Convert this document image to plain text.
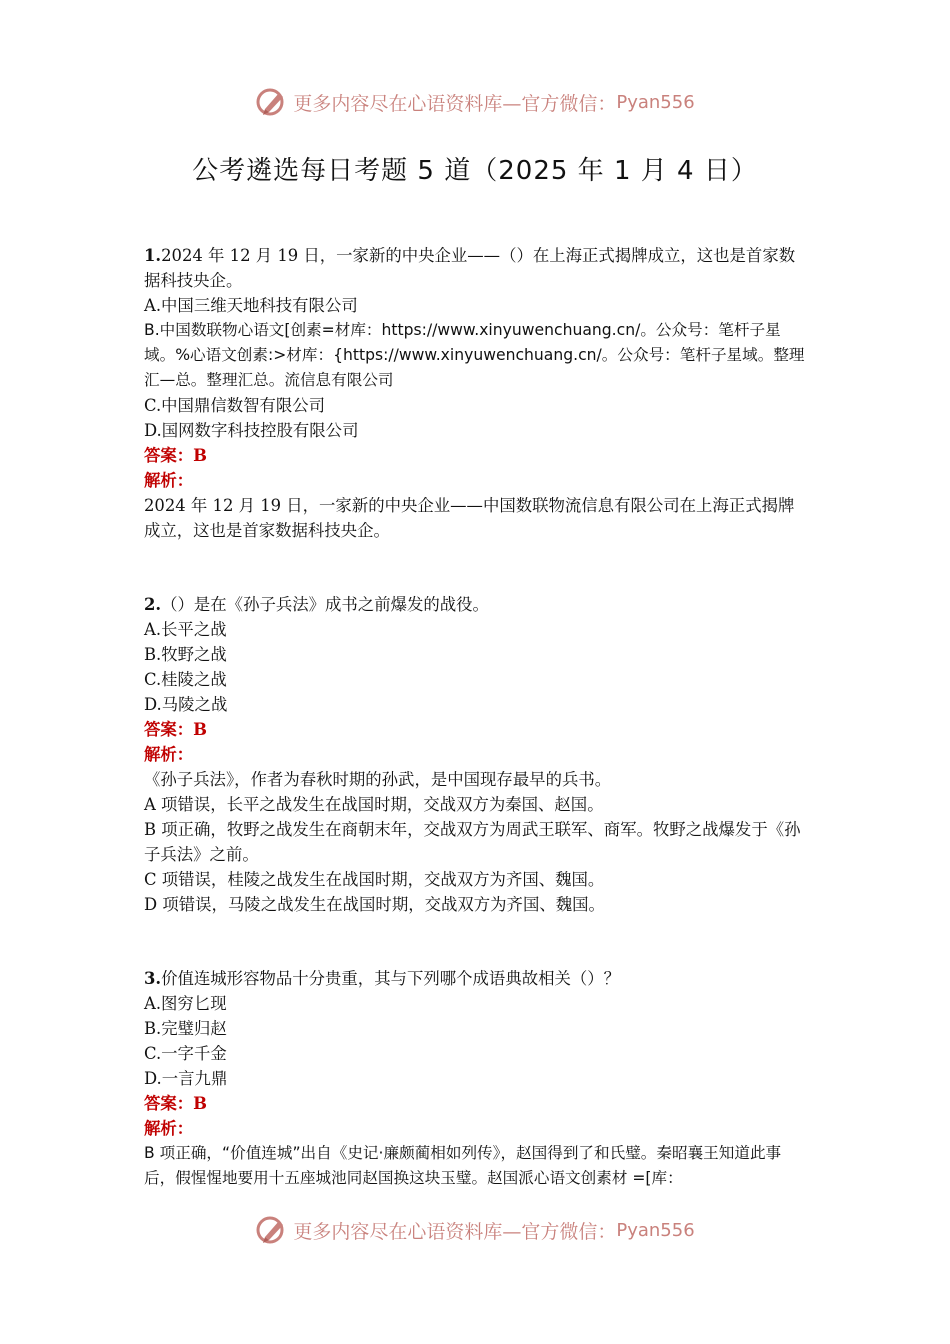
更多内容尽在心语资料库—官方微信： Pyan556
公考遴选每日考题 5 道（2025 年 1 月 4 日）
1.2024 年 12 月 19 日，一家新的中央企业——（）在上海正式揭牌成立，这也是首家数据科技央企。
A.中国三维天地科技有限公司
B.中国数联物心语文[创素=材库：https://www.xinyuwenchuang.cn/。公众号：笔杆子星域。%心语文创素:>材库：{https://www.xinyuwenchuang.cn/。公众号：笔杆子星域。整理汇—总。整理汇总。流信息有限公司
C.中国鼎信数智有限公司
D.国网数字科技控股有限公司
答案：B
解析：
2024 年 12 月 19 日，一家新的中央企业——中国数联物流信息有限公司在上海正式揭牌成立，这也是首家数据科技央企。
2.（）是在《孙子兵法》成书之前爆发的战役。
A.长平之战
B.牧野之战
C.桂陵之战
D.马陵之战
答案：B
解析：
《孙子兵法》，作者为春秋时期的孙武，是中国现存最早的兵书。
A 项错误，长平之战发生在战国时期，交战双方为秦国、赵国。
B 项正确，牧野之战发生在商朝末年，交战双方为周武王联军、商军。牧野之战爆发于《孙子兵法》之前。
C 项错误，桂陵之战发生在战国时期，交战双方为齐国、魏国。
D 项错误，马陵之战发生在战国时期，交战双方为齐国、魏国。
3.价值连城形容物品十分贵重，其与下列哪个成语典故相关（）？
A.图穷匕现
B.完璧归赵
C.一字千金
D.一言九鼎
答案：B
解析：
B 项正确，“价值连城”出自《史记·廉颇蔺相如列传》，赵国得到了和氏璧。秦昭襄王知道此事后，假惺惺地要用十五座城池同赵国换这块玉璧。赵国派心语文创素材 =[库：
更多内容尽在心语资料库—官方微信： Pyan556
